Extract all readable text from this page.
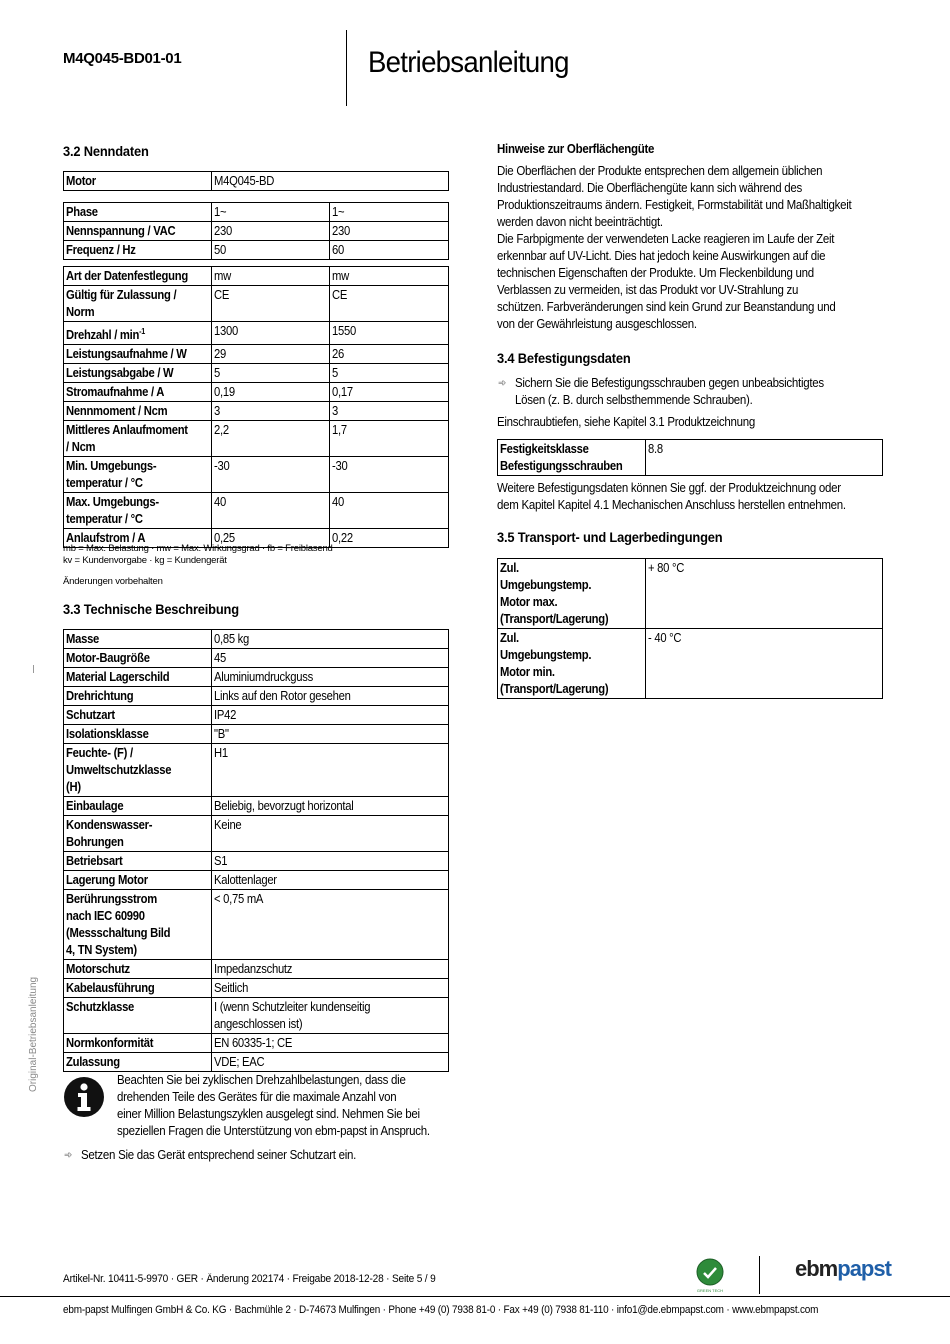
M4Q045-BD01-01	Betriebsanleitung
3.2 Nenndaten
Motor	M4Q045-BD
Phase	1~	1~
Nennspannung / VAC	230	230
Frequenz / Hz	50	60
Art der Datenfestlegung	mw	mw
Gültig für Zulassung /
Norm	CE	CE
Drehzahl / $\min^{-1}$	1300	1550
Leistungsaufnahme / W	29	26
Leistungsabgabe / W	5	5
Stromaufnahme / A	0,19	0,17
Nennmoment / Ncm	3	3
Mittleres Anlaufmoment
/ Ncm	2,2	1,7
Min. Umgebungs-
temperatur / °C	-30	-30
Max. Umgebungs-
temperatur / °C	40	40
Anlaufstrom / A	0,25	0,22
mb = Max. Belastung · mw = Max. Wirkungsgrad · fb = Freiblasend
kv = Kundenvorgabe · kg = Kundengerät
Änderungen vorbehalten
3.3 Technische Beschreibung
Masse	0,85 kg
Motor-Baugröße	45
Material Lagerschild	Aluminiumdruckguss
Drehrichtung	Links auf den Rotor gesehen
Schutzart	IP42
Isolationsklasse	"B"
Feuchte- (F) /
Umweltschutzklasse
(H)	H1
Einbaulage	Beliebig, bevorzugt horizontal
Kondenswasser-
Bohrungen	Keine
Betriebsart	S1
Lagerung Motor	Kalottenlager
Berührungsstrom
nach IEC 60990
(Messschaltung Bild
4, TN System)	< 0,75 mA
Motorschutz	Impedanzschutz
Kabelausführung	Seitlich
Schutzklasse	I (wenn Schutzleiter kundenseitig
angeschlossen ist)
Normkonformität	EN 60335-1; CE
Zulassung	VDE; EAC
Beachten Sie bei zyklischen Drehzahlbelastungen, dass die
drehenden Teile des Gerätes für die maximale Anzahl von
einer Million Belastungszyklen ausgelegt sind. Nehmen Sie bei
speziellen Fragen die Unterstützung von ebm-papst in Anspruch.
➾ Setzen Sie das Gerät entsprechend seiner Schutzart ein.
Hinweise zur Oberflächengüte
Die Oberflächen der Produkte entsprechen dem allgemein üblichen
Industriestandard. Die Oberflächengüte kann sich während des
Produktionszeitraums ändern. Festigkeit, Formstabilität und Maßhaltigkeit
werden davon nicht beeinträchtigt.
Die Farbpigmente der verwendeten Lacke reagieren im Laufe der Zeit
erkennbar auf UV-Licht. Dies hat jedoch keine Auswirkungen auf die
technischen Eigenschaften der Produkte. Um Fleckenbildung und
Verblassen zu vermeiden, ist das Produkt vor UV-Strahlung zu
schützen. Farbveränderungen sind kein Grund zur Beanstandung und
von der Gewährleistung ausgeschlossen.
3.4 Befestigungsdaten
➾ Sichern Sie die Befestigungsschrauben gegen unbeabsichtigtes
Lösen (z. B. durch selbsthemmende Schrauben).
Einschraubtiefen, siehe Kapitel 3.1 Produktzeichnung
Festigkeitsklasse
Befestigungsschrauben	8.8
Weitere Befestigungsdaten können Sie ggf. der Produktzeichnung oder
dem Kapitel Kapitel 4.1 Mechanischen Anschluss herstellen entnehmen.
3.5 Transport- und Lagerbedingungen
Zul.
Umgebungstemp.
Motor max.
(Transport/Lagerung)	+ 80 °C
Zul.
Umgebungstemp.
Motor min.
(Transport/Lagerung)	- 40 °C
Original-Betriebsanleitung
Artikel-Nr. 10411-5-9970 · GER · Änderung 202174 · Freigabe 2018-12-28 · Seite 5 / 9
GREEN TECH
ebmpapst
ebm-papst Mulfingen GmbH & Co. KG · Bachmühle 2 · D-74673 Mulfingen · Phone +49 (0) 7938 81-0 · Fax +49 (0) 7938 81-110 · info1@de.ebmpapst.com · www.ebmpapst.com
